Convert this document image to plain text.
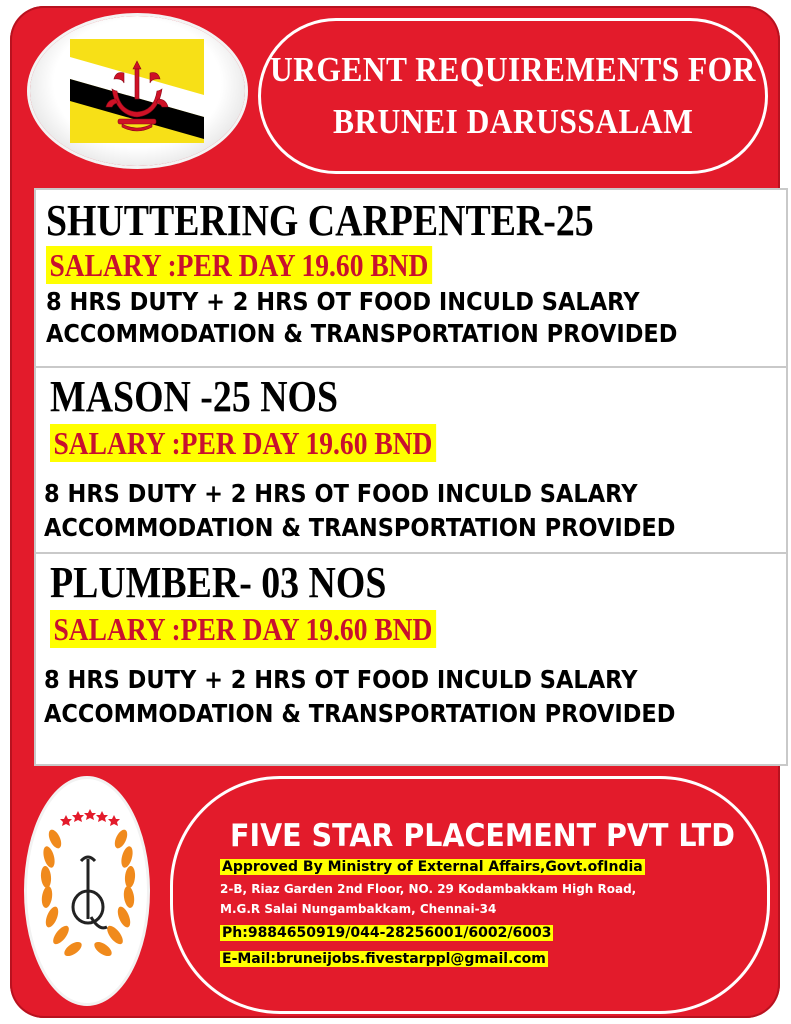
URGENT REQUIREMENTS FOR
BRUNEI DARUSSALAM
SHUTTERING CARPENTER-25
SALARY :PER DAY 19.60 BND
8 HRS DUTY + 2 HRS OT FOOD INCULD SALARY
ACCOMMODATION & TRANSPORTATION PROVIDED
MASON -25 NOS
SALARY :PER DAY 19.60 BND
8 HRS DUTY + 2 HRS OT FOOD INCULD SALARY
ACCOMMODATION & TRANSPORTATION PROVIDED
PLUMBER- 03 NOS
SALARY :PER DAY 19.60 BND
8 HRS DUTY + 2 HRS OT FOOD INCULD SALARY
ACCOMMODATION & TRANSPORTATION PROVIDED
FIVE STAR PLACEMENT PVT LTD
Approved By Ministry of External Affairs,Govt.ofIndia
2-B, Riaz Garden 2nd Floor, NO. 29 Kodambakkam High Road,
M.G.R Salai Nungambakkam, Chennai-34
Ph:9884650919/044-28256001/6002/6003
E-Mail:bruneijobs.fivestarppl@gmail.com
